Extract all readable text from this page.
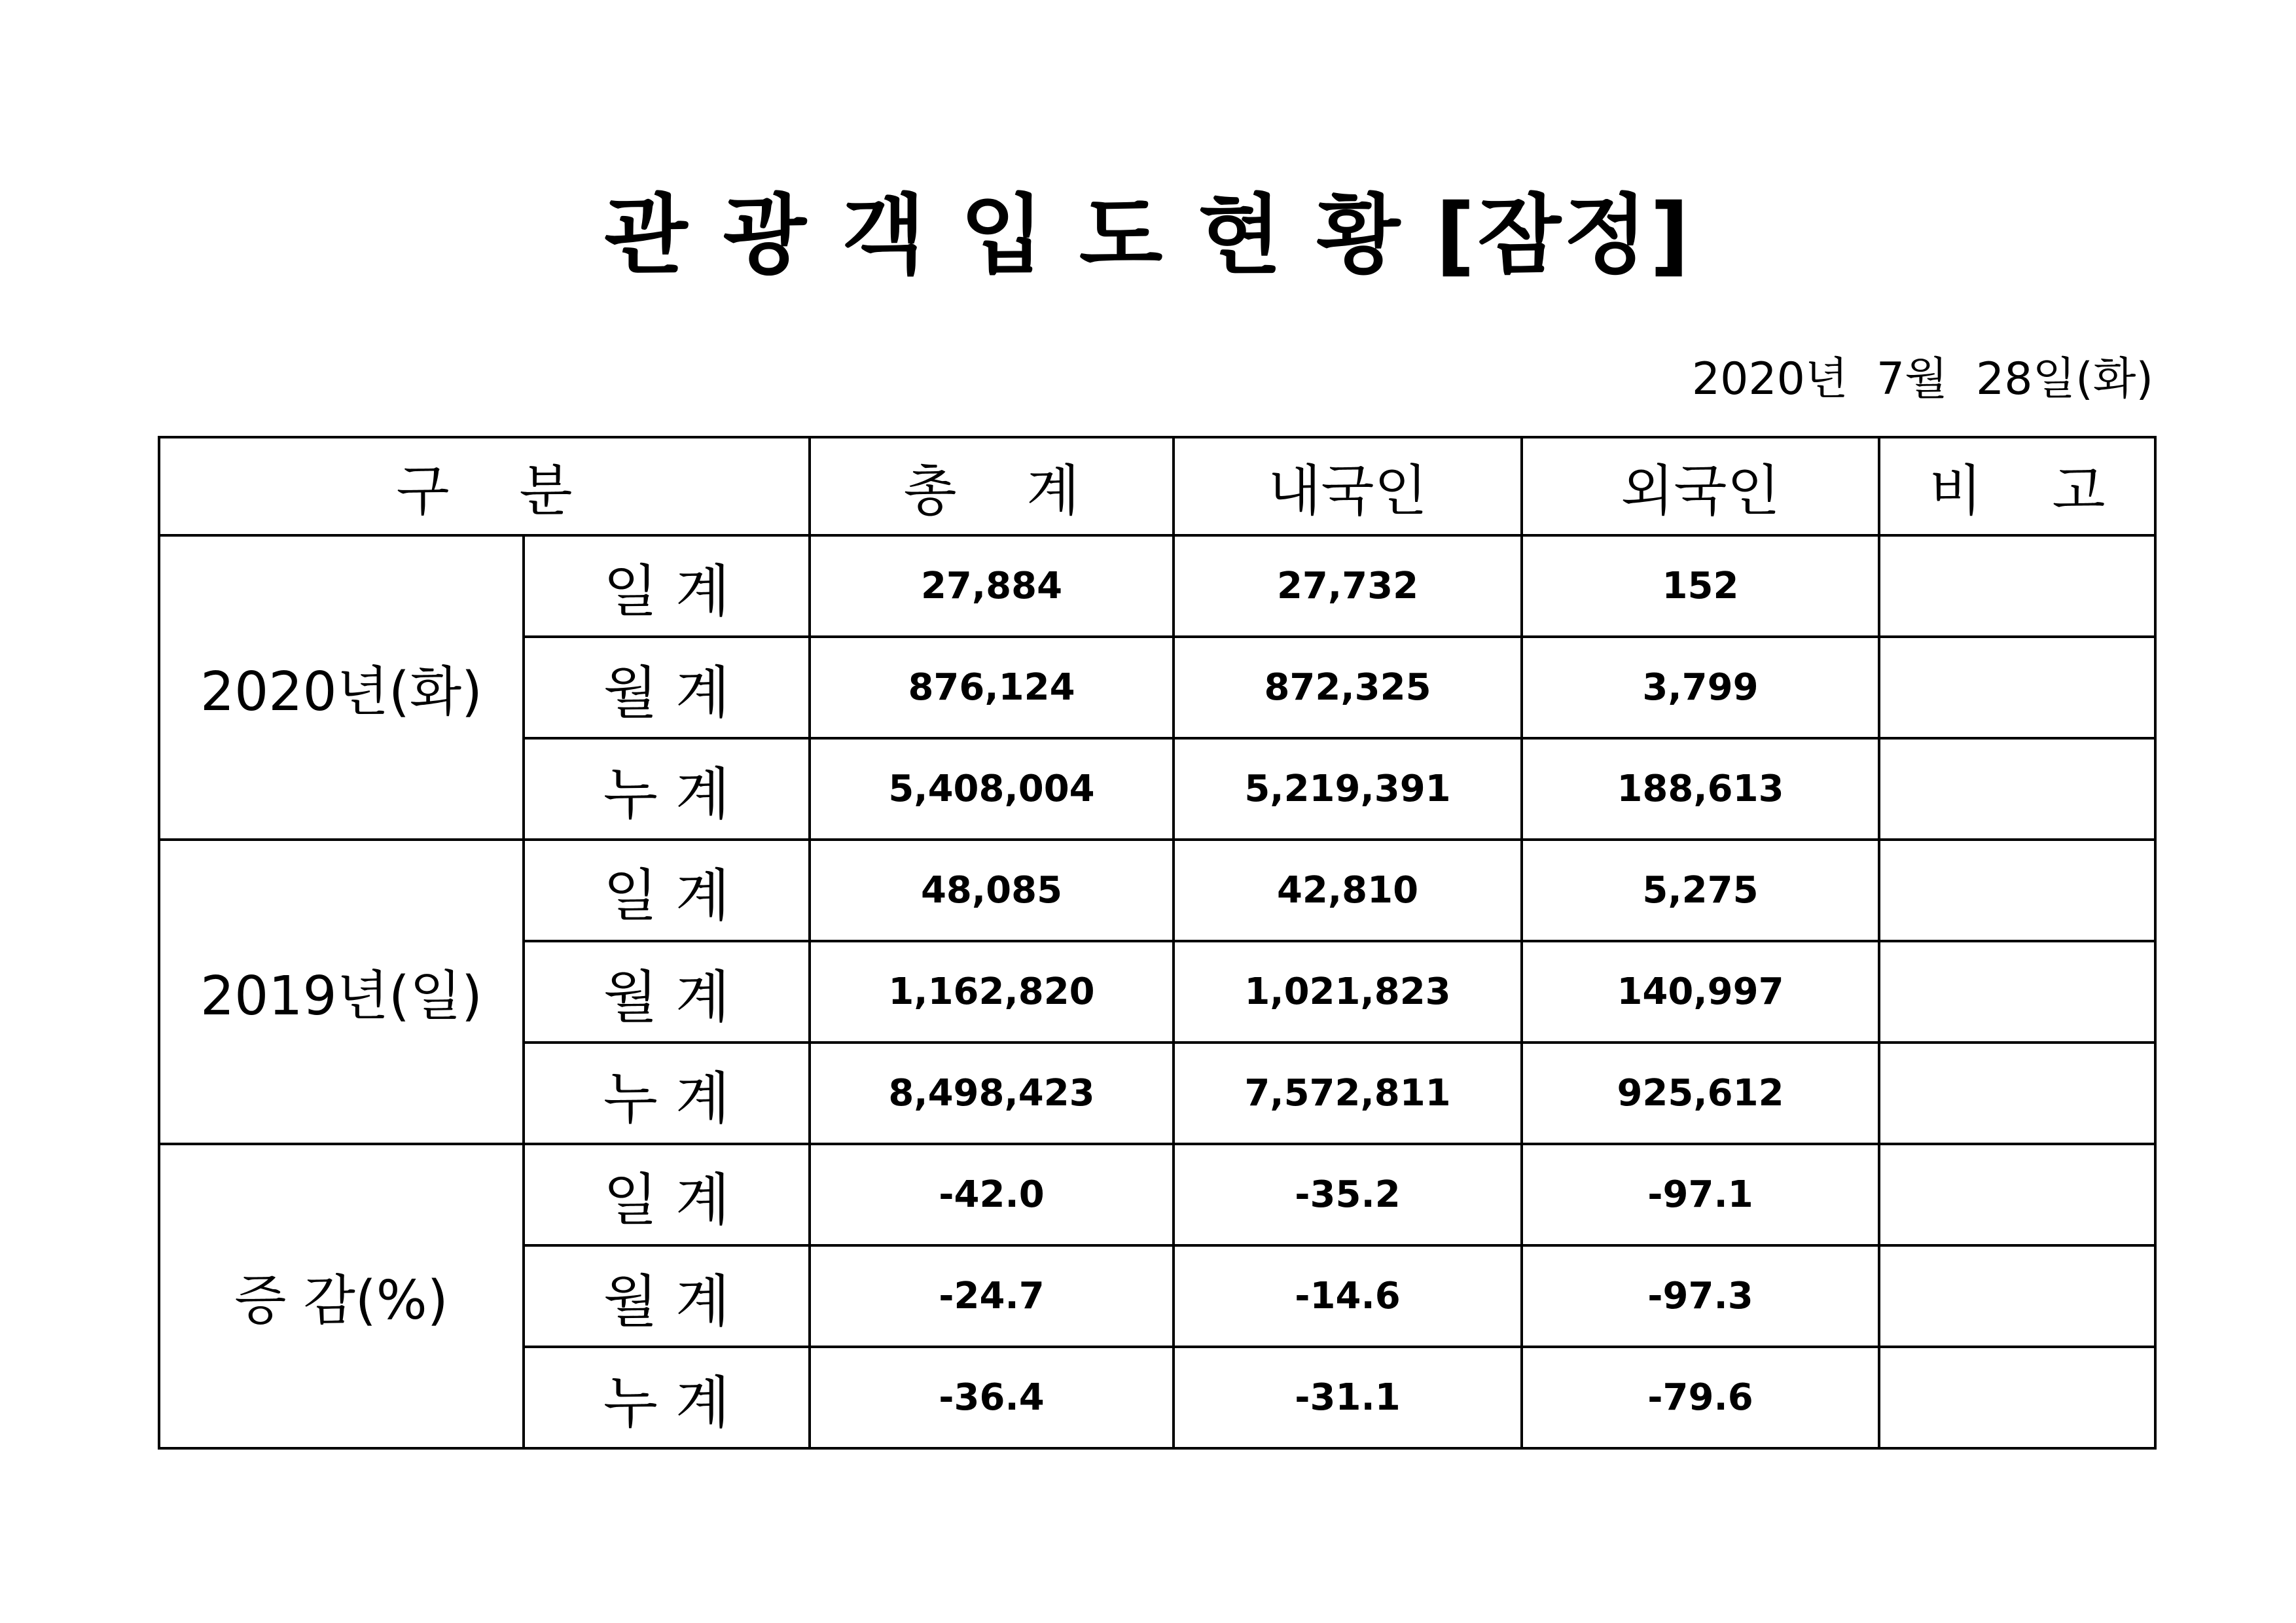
관 광 객 입 도 현 황 [잠정]
2020년  7월  28일(화)
구    분		총    계	내국인	외국인	비    고
2020년(화)	일 계	27,884	27,732	152	
	월 계	876,124	872,325	3,799	
	누 계	5,408,004	5,219,391	188,613	
2019년(일)	일 계	48,085	42,810	5,275	
	월 계	1,162,820	1,021,823	140,997	
	누 계	8,498,423	7,572,811	925,612	
증 감(%)	일 계	-42.0	-35.2	-97.1	
	월 계	-24.7	-14.6	-97.3	
	누 계	-36.4	-31.1	-79.6	
